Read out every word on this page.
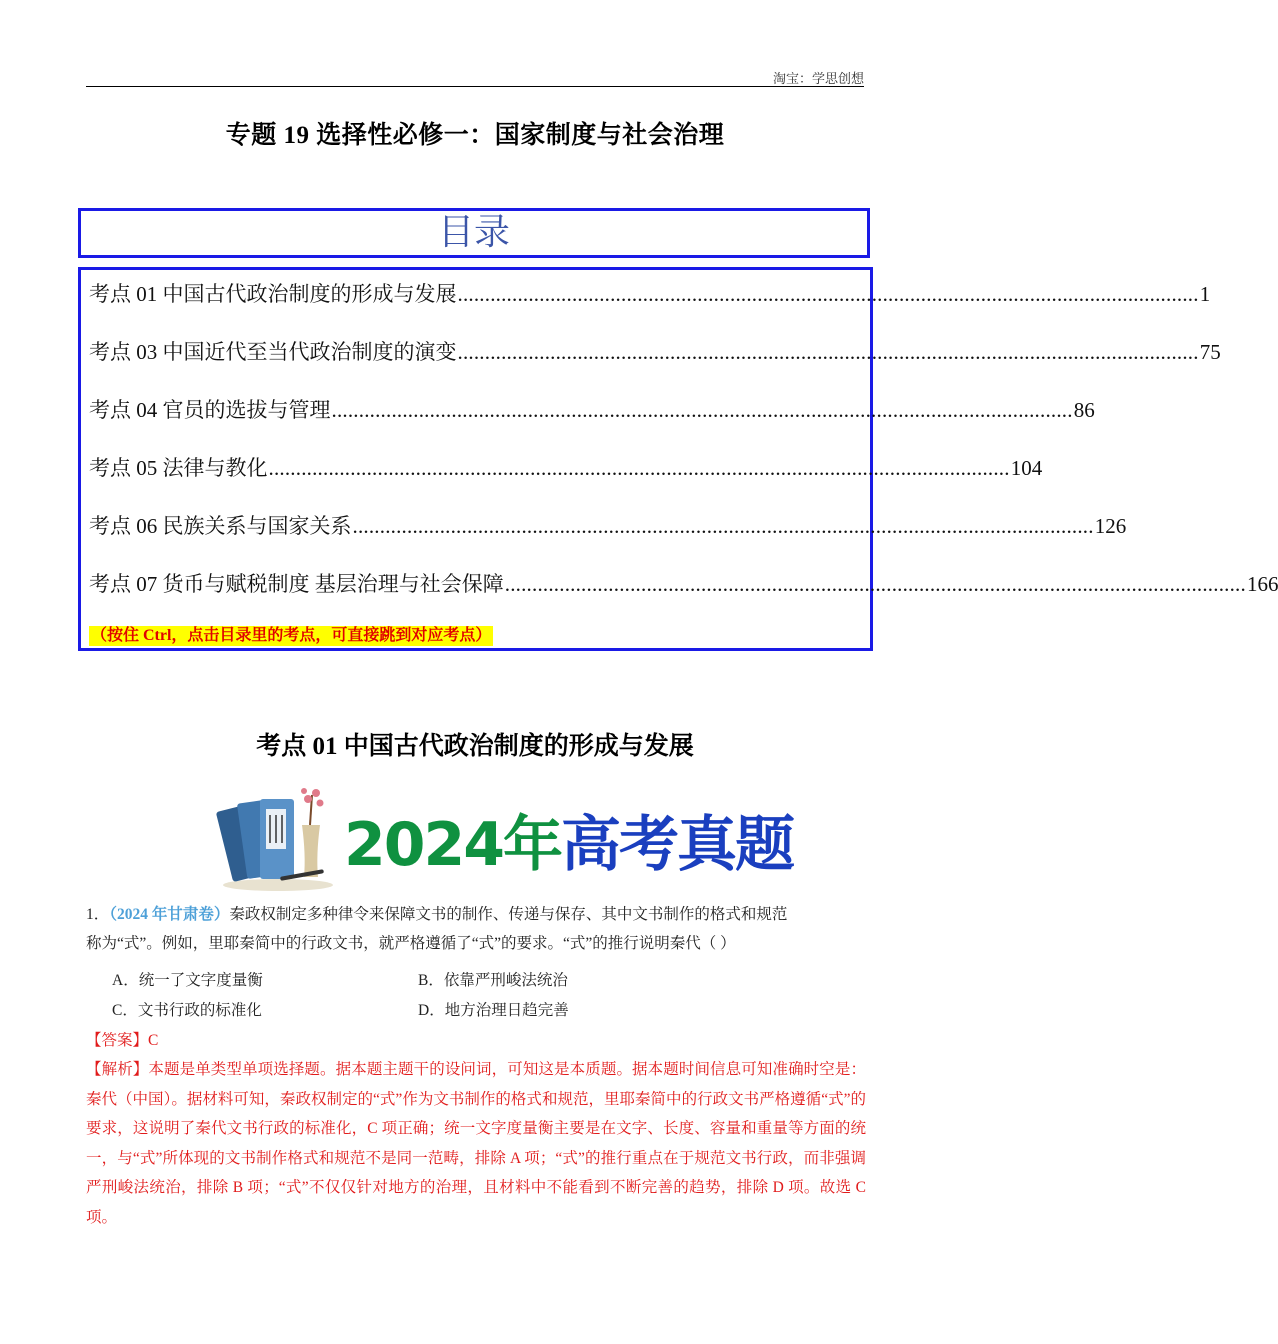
淘宝：学思创想
专题 19 选择性必修一：国家制度与社会治理
目录
考点 01 中国古代政治制度的形成与发展 ........................................................................................................................................ 1
考点 03 中国近代至当代政治制度的演变 ........................................................................................................................................ 75
考点 04 官员的选拔与管理 ........................................................................................................................................ 86
考点 05 法律与教化 ........................................................................................................................................ 104
考点 06 民族关系与国家关系 ........................................................................................................................................ 126
考点 07 货币与赋税制度 基层治理与社会保障 ........................................................................................................................................ 166
（按住 Ctrl，点击目录里的考点，可直接跳到对应考点）
考点 01 中国古代政治制度的形成与发展
2024年高考真题
1．（2024 年甘肃卷）秦政权制定多种律令来保障文书的制作、传递与保存、其中文书制作的格式和规范
称为“式”。例如，里耶秦简中的行政文书，就严格遵循了“式”的要求。“式”的推行说明秦代（ ）
A．统一了文字度量衡	B．依靠严刑峻法统治
C．文书行政的标准化	D．地方治理日趋完善
【答案】C
【解析】本题是单类型单项选择题。据本题主题干的设问词，可知这是本质题。据本题时间信息可知准确时空是：秦代（中国）。据材料可知，秦政权制定的“式”作为文书制作的格式和规范，里耶秦简中的行政文书严格遵循“式”的要求，这说明了秦代文书行政的标准化，C 项正确；统一文字度量衡主要是在文字、长度、容量和重量等方面的统一，与“式”所体现的文书制作格式和规范不是同一范畴，排除 A 项；“式”的推行重点在于规范文书行政，而非强调严刑峻法统治，排除 B 项；“式”不仅仅针对地方的治理，且材料中不能看到不断完善的趋势，排除 D 项。故选 C 项。
